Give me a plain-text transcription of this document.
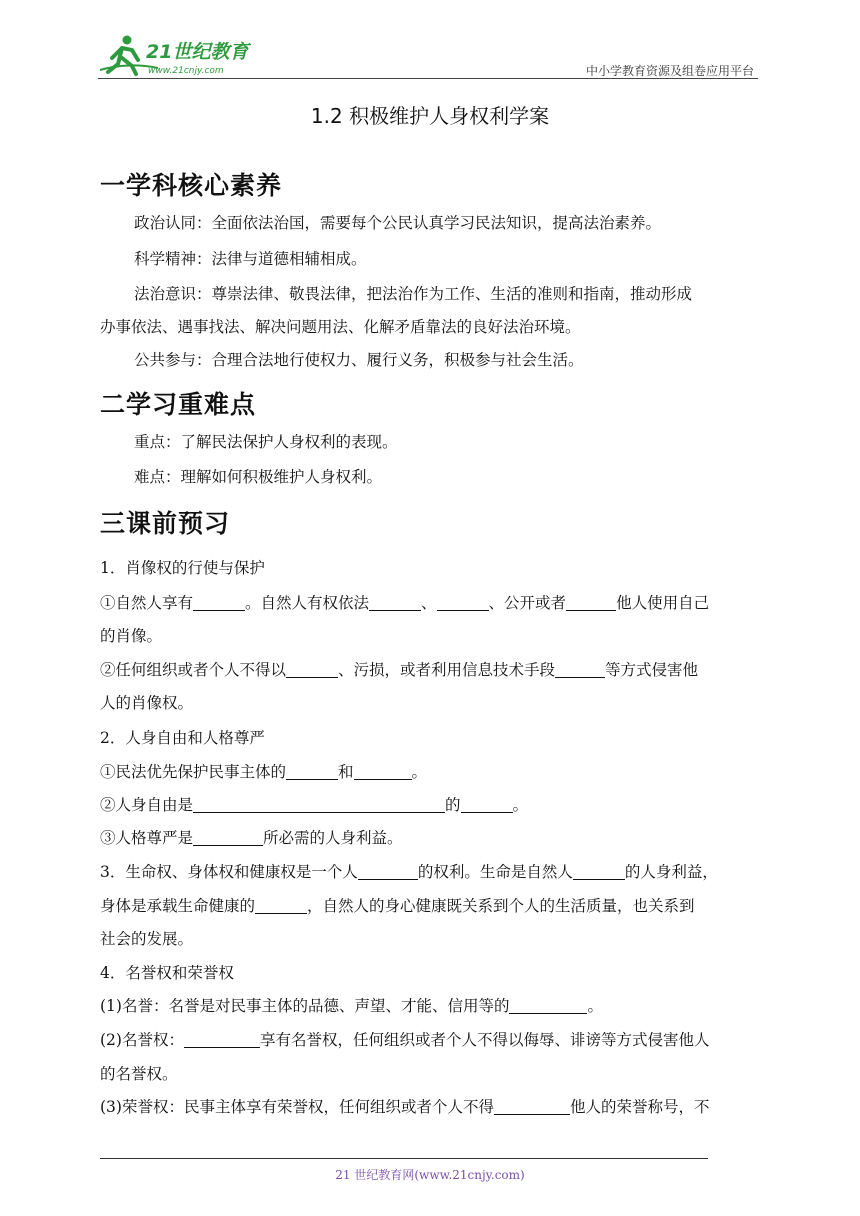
21世纪教育
www.21cnjy.com	中小学教育资源及组卷应用平台
1.2 积极维护人身权利学案
一学科核心素养
政治认同：全面依法治国，需要每个公民认真学习民法知识，提高法治素养。
科学精神：法律与道德相辅相成。
法治意识：尊崇法律、敬畏法律，把法治作为工作、生活的准则和指南，推动形成
办事依法、遇事找法、解决问题用法、化解矛盾靠法的良好法治环境。
公共参与：合理合法地行使权力、履行义务，积极参与社会生活。
二学习重难点
重点：了解民法保护人身权利的表现。
难点：理解如何积极维护人身权利。
三课前预习
1．肖像权的行使与保护
①自然人享有	。自然人有权依法	、	、公开或者	他人使用自己
的肖像。
②任何组织或者个人不得以	、污损，或者利用信息技术手段	等方式侵害他
人的肖像权。
2．人身自由和人格尊严
①民法优先保护民事主体的	和	。
②人身自由是	的	。
③人格尊严是	所必需的人身利益。
3．生命权、身体权和健康权是一个人	的权利。生命是自然人	的人身利益，
身体是承载生命健康的	，自然人的身心健康既关系到个人的生活质量，也关系到
社会的发展。
4．名誉权和荣誉权
(1)名誉：名誉是对民事主体的品德、声望、才能、信用等的	。
(2)名誉权：	享有名誉权，任何组织或者个人不得以侮辱、诽谤等方式侵害他人
的名誉权。
(3)荣誉权：民事主体享有荣誉权，任何组织或者个人不得	他人的荣誉称号，不
21 世纪教育网(www.21cnjy.com)
